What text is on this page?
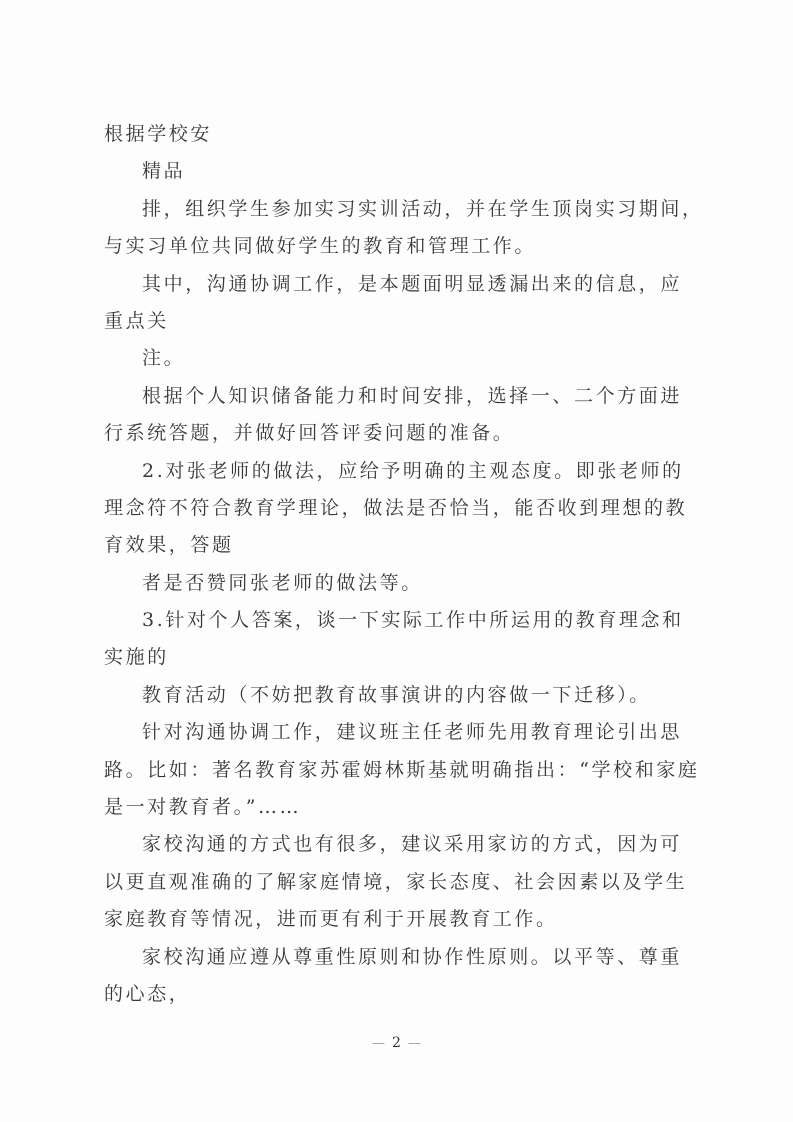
根据学校安
精品
排，组织学生参加实习实训活动，并在学生顶岗实习期间，
与实习单位共同做好学生的教育和管理工作。
其中，沟通协调工作，是本题面明显透漏出来的信息，应
重点关
注。
根据个人知识储备能力和时间安排，选择一、二个方面进
行系统答题，并做好回答评委问题的准备。
2.对张老师的做法，应给予明确的主观态度。即张老师的
理念符不符合教育学理论，做法是否恰当，能否收到理想的教
育效果，答题
者是否赞同张老师的做法等。
3.针对个人答案，谈一下实际工作中所运用的教育理念和
实施的
教育活动（不妨把教育故事演讲的内容做一下迁移）。
针对沟通协调工作，建议班主任老师先用教育理论引出思
路。比如：著名教育家苏霍姆林斯基就明确指出：“学校和家庭
是一对教育者。”……
家校沟通的方式也有很多，建议采用家访的方式，因为可
以更直观准确的了解家庭情境，家长态度、社会因素以及学生
家庭教育等情况，进而更有利于开展教育工作。
家校沟通应遵从尊重性原则和协作性原则。以平等、尊重
的心态，
— 2 —
